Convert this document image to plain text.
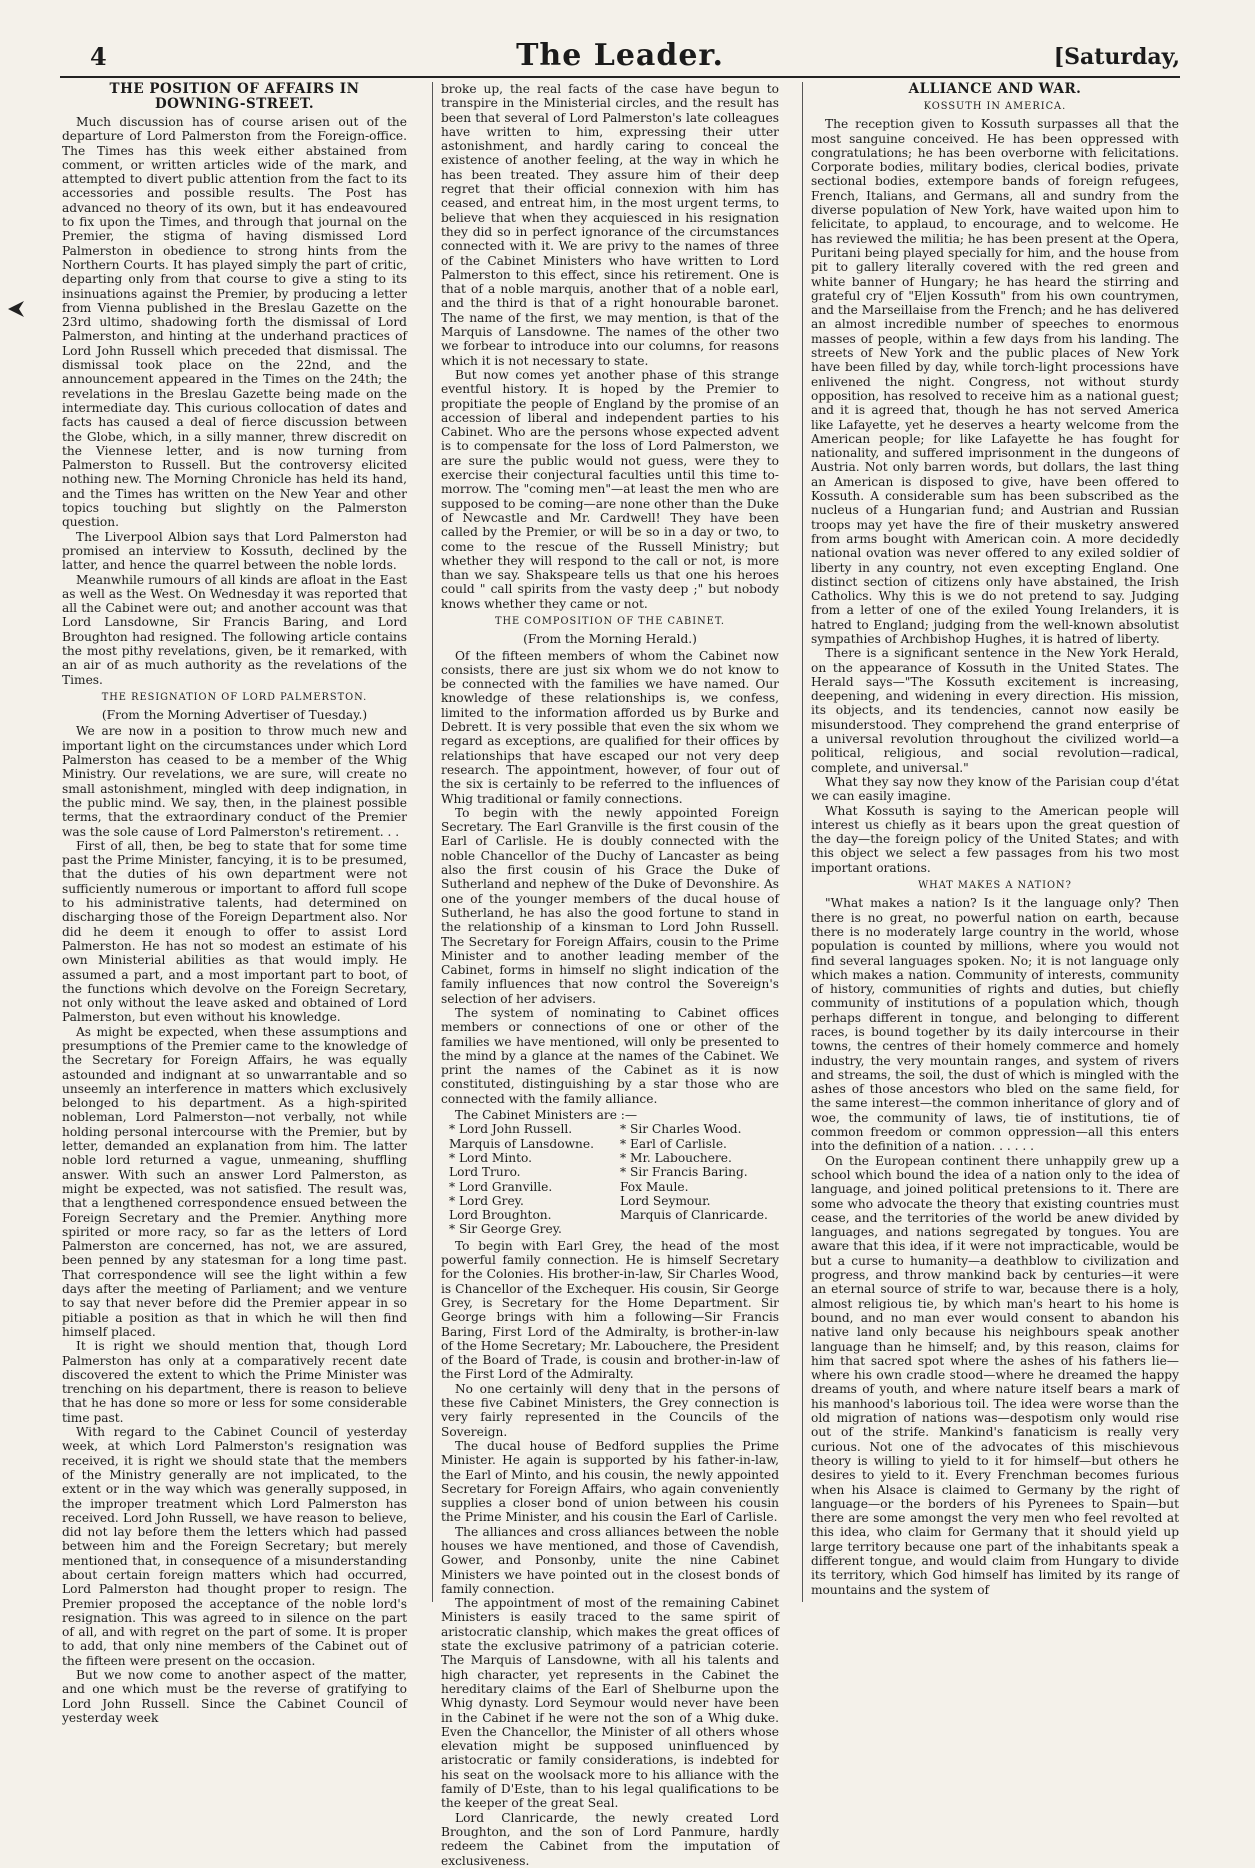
4	The Leader.	[Saturday,
THE POSITION OF AFFAIRS IN DOWNING-STREET.

Much discussion has of course arisen out of the departure of Lord Palmerston from the Foreign-office. The Times has this week either abstained from comment, or written articles wide of the mark, and attempted to divert public attention from the fact to its accessories and possible results. The Post has advanced no theory of its own, but it has endeavoured to fix upon the Times, and through that journal on the Premier, the stigma of having dismissed Lord Palmerston in obedience to strong hints from the Northern Courts. It has played simply the part of critic, departing only from that course to give a sting to its insinuations against the Premier, by producing a letter from Vienna published in the Breslau Gazette on the 23rd ultimo, shadowing forth the dismissal of Lord Palmerston, and hinting at the underhand practices of Lord John Russell which preceded that dismissal. The dismissal took place on the 22nd, and the announcement appeared in the Times on the 24th; the revelations in the Breslau Gazette being made on the intermediate day. This curious collocation of dates and facts has caused a deal of fierce discussion between the Globe, which, in a silly manner, threw discredit on the Viennese letter, and is now turning from Palmerston to Russell. But the controversy elicited nothing new. The Morning Chronicle has held its hand, and the Times has written on the New Year and other topics touching but slightly on the Palmerston question.

The Liverpool Albion says that Lord Palmerston had promised an interview to Kossuth, declined by the latter, and hence the quarrel between the noble lords.

Meanwhile rumours of all kinds are afloat in the East as well as the West. On Wednesday it was reported that all the Cabinet were out; and another account was that Lord Lansdowne, Sir Francis Baring, and Lord Broughton had resigned. The following article contains the most pithy revelations, given, be it remarked, with an air of as much authority as the revelations of the Times.

THE RESIGNATION OF LORD PALMERSTON.
(From the Morning Advertiser of Tuesday.)

We are now in a position to throw much new and important light on the circumstances under which Lord Palmerston has ceased to be a member of the Whig Ministry. Our revelations, we are sure, will create no small astonishment, mingled with deep indignation, in the public mind. We say, then, in the plainest possible terms, that the extraordinary conduct of the Premier was the sole cause of Lord Palmerston's retirement. . .

First of all, then, be beg to state that for some time past the Prime Minister, fancying, it is to be presumed, that the duties of his own department were not sufficiently numerous or important to afford full scope to his administrative talents, had determined on discharging those of the Foreign Department also. Nor did he deem it enough to offer to assist Lord Palmerston. He has not so modest an estimate of his own Ministerial abilities as that would imply. He assumed a part, and a most important part to boot, of the functions which devolve on the Foreign Secretary, not only without the leave asked and obtained of Lord Palmerston, but even without his knowledge.

As might be expected, when these assumptions and presumptions of the Premier came to the knowledge of the Secretary for Foreign Affairs, he was equally astounded and indignant at so unwarrantable and so unseemly an interference in matters which exclusively belonged to his department. As a high-spirited nobleman, Lord Palmerston—not verbally, not while holding personal intercourse with the Premier, but by letter, demanded an explanation from him. The latter noble lord returned a vague, unmeaning, shuffling answer. With such an answer Lord Palmerston, as might be expected, was not satisfied. The result was, that a lengthened correspondence ensued between the Foreign Secretary and the Premier. Anything more spirited or more racy, so far as the letters of Lord Palmerston are concerned, has not, we are assured, been penned by any statesman for a long time past. That correspondence will see the light within a few days after the meeting of Parliament; and we venture to say that never before did the Premier appear in so pitiable a position as that in which he will then find himself placed.

It is right we should mention that, though Lord Palmerston has only at a comparatively recent date discovered the extent to which the Prime Minister was trenching on his department, there is reason to believe that he has done so more or less for some considerable time past.

With regard to the Cabinet Council of yesterday week, at which Lord Palmerston's resignation was received, it is right we should state that the members of the Ministry generally are not implicated, to the extent or in the way which was generally supposed, in the improper treatment which Lord Palmerston has received. Lord John Russell, we have reason to believe, did not lay before them the letters which had passed between him and the Foreign Secretary; but merely mentioned that, in consequence of a misunderstanding about certain foreign matters which had occurred, Lord Palmerston had thought proper to resign. The Premier proposed the acceptance of the noble lord's resignation. This was agreed to in silence on the part of all, and with regret on the part of some. It is proper to add, that only nine members of the Cabinet out of the fifteen were present on the occasion.

But we now come to another aspect of the matter, and one which must be the reverse of gratifying to Lord John Russell. Since the Cabinet Council of yesterday week

broke up, the real facts of the case have begun to transpire in the Ministerial circles, and the result has been that several of Lord Palmerston's late colleagues have written to him, expressing their utter astonishment, and hardly caring to conceal the existence of another feeling, at the way in which he has been treated. They assure him of their deep regret that their official connexion with him has ceased, and entreat him, in the most urgent terms, to believe that when they acquiesced in his resignation they did so in perfect ignorance of the circumstances connected with it. We are privy to the names of three of the Cabinet Ministers who have written to Lord Palmerston to this effect, since his retirement. One is that of a noble marquis, another that of a noble earl, and the third is that of a right honourable baronet. The name of the first, we may mention, is that of the Marquis of Lansdowne. The names of the other two we forbear to introduce into our columns, for reasons which it is not necessary to state.

But now comes yet another phase of this strange eventful history. It is hoped by the Premier to propitiate the people of England by the promise of an accession of liberal and independent parties to his Cabinet. Who are the persons whose expected advent is to compensate for the loss of Lord Palmerston, we are sure the public would not guess, were they to exercise their conjectural faculties until this time to-morrow. The "coming men"—at least the men who are supposed to be coming—are none other than the Duke of Newcastle and Mr. Cardwell! They have been called by the Premier, or will be so in a day or two, to come to the rescue of the Russell Ministry; but whether they will respond to the call or not, is more than we say. Shakspeare tells us that one his heroes could " call spirits from the vasty deep ;" but nobody knows whether they came or not.

THE COMPOSITION OF THE CABINET.
(From the Morning Herald.)

Of the fifteen members of whom the Cabinet now consists, there are just six whom we do not know to be connected with the families we have named. Our knowledge of these relationships is, we confess, limited to the information afforded us by Burke and Debrett. It is very possible that even the six whom we regard as exceptions, are qualified for their offices by relationships that have escaped our not very deep research. The appointment, however, of four out of the six is certainly to be referred to the influences of Whig traditional or family connections.

To begin with the newly appointed Foreign Secretary. The Earl Granville is the first cousin of the Earl of Carlisle. He is doubly connected with the noble Chancellor of the Duchy of Lancaster as being also the first cousin of his Grace the Duke of Sutherland and nephew of the Duke of Devonshire. As one of the younger members of the ducal house of Sutherland, he has also the good fortune to stand in the relationship of a kinsman to Lord John Russell. The Secretary for Foreign Affairs, cousin to the Prime Minister and to another leading member of the Cabinet, forms in himself no slight indication of the family influences that now control the Sovereign's selection of her advisers.

The system of nominating to Cabinet offices members or connections of one or other of the families we have mentioned, will only be presented to the mind by a glance at the names of the Cabinet. We print the names of the Cabinet as it is now constituted, distinguishing by a star those who are connected with the family alliance.

The Cabinet Ministers are :—
* Lord John Russell.	* Sir Charles Wood.
Marquis of Lansdowne.	* Earl of Carlisle.
* Lord Minto.	* Mr. Labouchere.
Lord Truro.	* Sir Francis Baring.
* Lord Granville.	Fox Maule.
* Lord Grey.	Lord Seymour.
Lord Broughton.	Marquis of Clanricarde.
* Sir George Grey.

To begin with Earl Grey, the head of the most powerful family connection. He is himself Secretary for the Colonies. His brother-in-law, Sir Charles Wood, is Chancellor of the Exchequer. His cousin, Sir George Grey, is Secretary for the Home Department. Sir George brings with him a following—Sir Francis Baring, First Lord of the Admiralty, is brother-in-law of the Home Secretary; Mr. Labouchere, the President of the Board of Trade, is cousin and brother-in-law of the First Lord of the Admiralty.

No one certainly will deny that in the persons of these five Cabinet Ministers, the Grey connection is very fairly represented in the Councils of the Sovereign.

The ducal house of Bedford supplies the Prime Minister. He again is supported by his father-in-law, the Earl of Minto, and his cousin, the newly appointed Secretary for Foreign Affairs, who again conveniently supplies a closer bond of union between his cousin the Prime Minister, and his cousin the Earl of Carlisle.

The alliances and cross alliances between the noble houses we have mentioned, and those of Cavendish, Gower, and Ponsonby, unite the nine Cabinet Ministers we have pointed out in the closest bonds of family connection.

The appointment of most of the remaining Cabinet Ministers is easily traced to the same spirit of aristocratic clanship, which makes the great offices of state the exclusive patrimony of a patrician coterie. The Marquis of Lansdowne, with all his talents and high character, yet represents in the Cabinet the hereditary claims of the Earl of Shelburne upon the Whig dynasty. Lord Seymour would never have been in the Cabinet if he were not the son of a Whig duke. Even the Chancellor, the Minister of all others whose elevation might be supposed uninfluenced by aristocratic or family considerations, is indebted for his seat on the woolsack more to his alliance with the family of D'Este, than to his legal qualifications to be the keeper of the great Seal.

Lord Clanricarde, the newly created Lord Broughton, and the son of Lord Panmure, hardly redeem the Cabinet from the imputation of exclusiveness.

ALLIANCE AND WAR.
KOSSUTH IN AMERICA.

The reception given to Kossuth surpasses all that the most sanguine conceived. He has been oppressed with congratulations; he has been overborne with felicitations. Corporate bodies, military bodies, clerical bodies, private sectional bodies, extempore bands of foreign refugees, French, Italians, and Germans, all and sundry from the diverse population of New York, have waited upon him to felicitate, to applaud, to encourage, and to welcome. He has reviewed the militia; he has been present at the Opera, Puritani being played specially for him, and the house from pit to gallery literally covered with the red green and white banner of Hungary; he has heard the stirring and grateful cry of "Eljen Kossuth" from his own countrymen, and the Marseillaise from the French; and he has delivered an almost incredible number of speeches to enormous masses of people, within a few days from his landing. The streets of New York and the public places of New York have been filled by day, while torch-light processions have enlivened the night. Congress, not without sturdy opposition, has resolved to receive him as a national guest; and it is agreed that, though he has not served America like Lafayette, yet he deserves a hearty welcome from the American people; for like Lafayette he has fought for nationality, and suffered imprisonment in the dungeons of Austria. Not only barren words, but dollars, the last thing an American is disposed to give, have been offered to Kossuth. A considerable sum has been subscribed as the nucleus of a Hungarian fund; and Austrian and Russian troops may yet have the fire of their musketry answered from arms bought with American coin. A more decidedly national ovation was never offered to any exiled soldier of liberty in any country, not even excepting England. One distinct section of citizens only have abstained, the Irish Catholics. Why this is we do not pretend to say. Judging from a letter of one of the exiled Young Irelanders, it is hatred to England; judging from the well-known absolutist sympathies of Archbishop Hughes, it is hatred of liberty.

There is a significant sentence in the New York Herald, on the appearance of Kossuth in the United States. The Herald says—"The Kossuth excitement is increasing, deepening, and widening in every direction. His mission, its objects, and its tendencies, cannot now easily be misunderstood. They comprehend the grand enterprise of a universal revolution throughout the civilized world—a political, religious, and social revolution—radical, complete, and universal."

What they say now they know of the Parisian coup d'état we can easily imagine.

What Kossuth is saying to the American people will interest us chiefly as it bears upon the great question of the day—the foreign policy of the United States; and with this object we select a few passages from his two most important orations.

WHAT MAKES A NATION?

"What makes a nation? Is it the language only? Then there is no great, no powerful nation on earth, because there is no moderately large country in the world, whose population is counted by millions, where you would not find several languages spoken. No; it is not language only which makes a nation. Community of interests, community of history, communities of rights and duties, but chiefly community of institutions of a population which, though perhaps different in tongue, and belonging to different races, is bound together by its daily intercourse in their towns, the centres of their homely commerce and homely industry, the very mountain ranges, and system of rivers and streams, the soil, the dust of which is mingled with the ashes of those ancestors who bled on the same field, for the same interest—the common inheritance of glory and of woe, the community of laws, tie of institutions, tie of common freedom or common oppression—all this enters into the definition of a nation. . . . . .

On the European continent there unhappily grew up a school which bound the idea of a nation only to the idea of language, and joined political pretensions to it. There are some who advocate the theory that existing countries must cease, and the territories of the world be anew divided by languages, and nations segregated by tongues. You are aware that this idea, if it were not impracticable, would be but a curse to humanity—a deathblow to civilization and progress, and throw mankind back by centuries—it were an eternal source of strife to war, because there is a holy, almost religious tie, by which man's heart to his home is bound, and no man ever would consent to abandon his native land only because his neighbours speak another language than he himself; and, by this reason, claims for him that sacred spot where the ashes of his fathers lie—where his own cradle stood—where he dreamed the happy dreams of youth, and where nature itself bears a mark of his manhood's laborious toil. The idea were worse than the old migration of nations was—despotism only would rise out of the strife. Mankind's fanaticism is really very curious. Not one of the advocates of this mischievous theory is willing to yield to it for himself—but others he desires to yield to it. Every Frenchman becomes furious when his Alsace is claimed to Germany by the right of language—or the borders of his Pyrenees to Spain—but there are some amongst the very men who feel revolted at this idea, who claim for Germany that it should yield up large territory because one part of the inhabitants speak a different tongue, and would claim from Hungary to divide its territory, which God himself has limited by its range of mountains and the system of
